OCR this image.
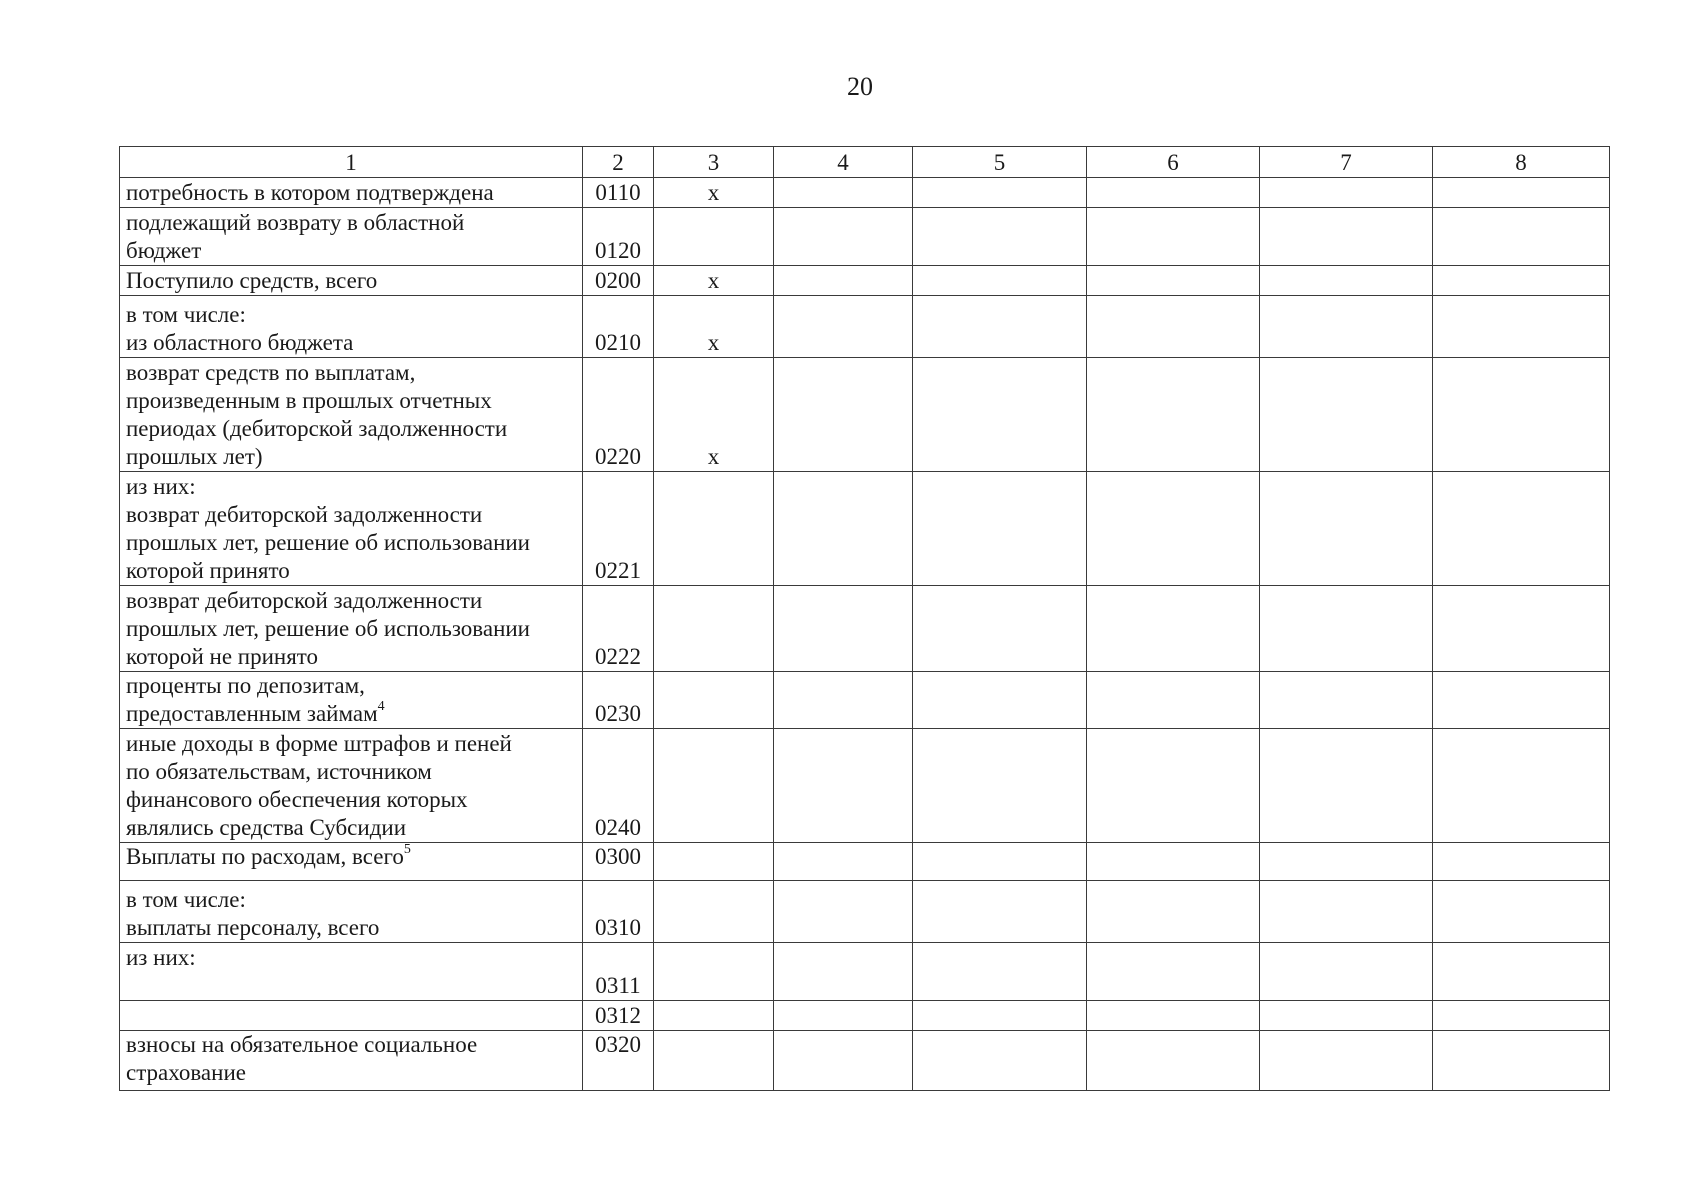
20
1	2	3	4	5	6	7	8

потребность в котором подтверждена	0110	x					

подлежащий возврату в областной
бюджет	0120						

Поступило средств, всего	0200	x					

в том числе:
из областного бюджета	0210	x					

возврат средств по выплатам,
произведенным в прошлых отчетных
периодах (дебиторской задолженности
прошлых лет)	0220	x					

из них:
возврат дебиторской задолженности
прошлых лет, решение об использовании
которой принято	0221						

возврат дебиторской задолженности
прошлых лет, решение об использовании
которой не принято	0222						

проценты по депозитам,
предоставленным займам$^4$	0230						

иные доходы в форме штрафов и пеней
по обязательствам, источником
финансового обеспечения которых
являлись средства Субсидии	0240						

Выплаты по расходам, всего$^5$	0300						

в том числе:
выплаты персоналу, всего	0310						

из них:	0311						

	0312						

взносы на обязательное социальное
страхование	0320						
